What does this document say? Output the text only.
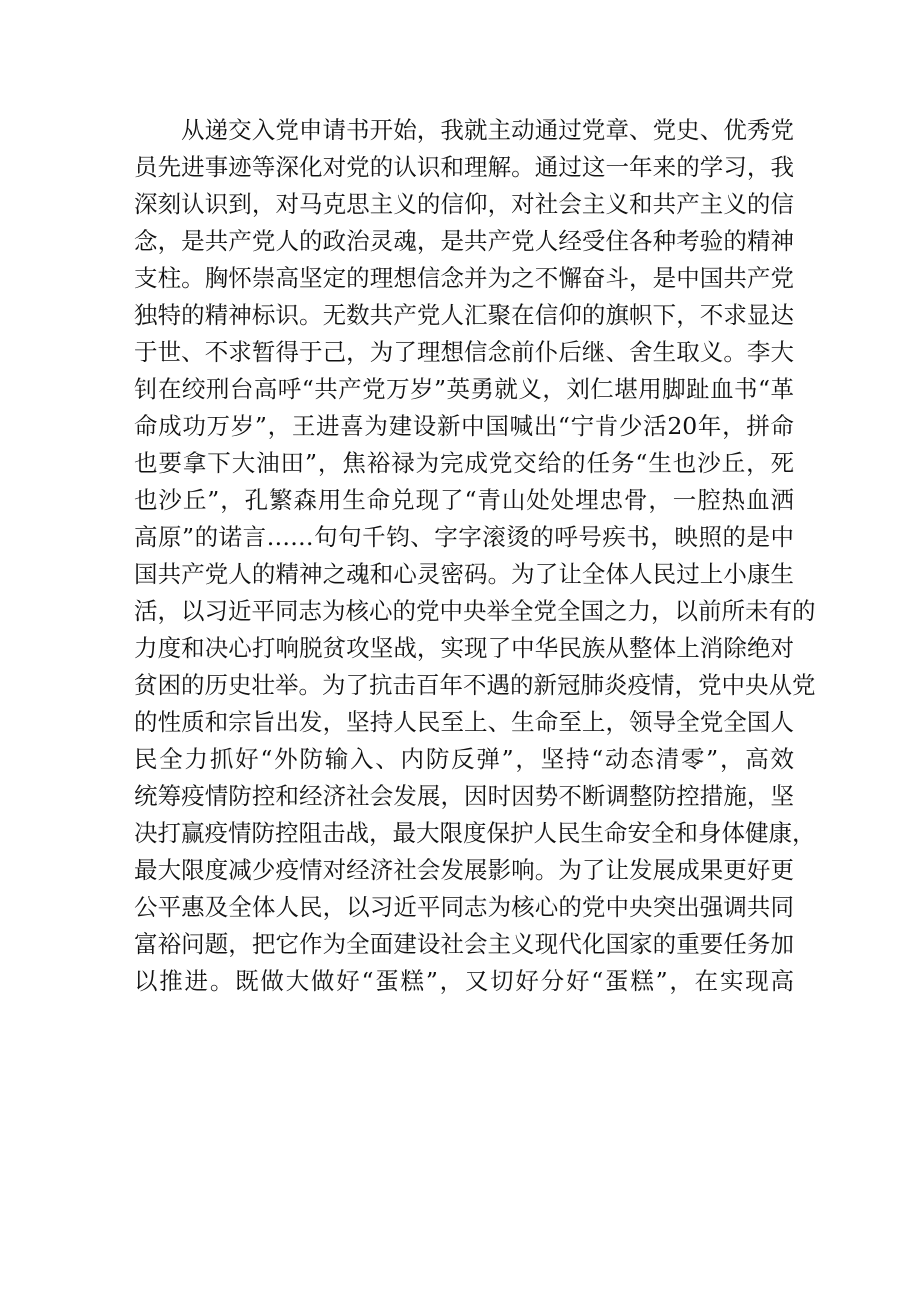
从递交入党申请书开始，我就主动通过党章、党史、优秀党
员先进事迹等深化对党的认识和理解。通过这一年来的学习，我
深刻认识到，对马克思主义的信仰，对社会主义和共产主义的信
念，是共产党人的政治灵魂，是共产党人经受住各种考验的精神
支柱。胸怀崇高坚定的理想信念并为之不懈奋斗，是中国共产党
独特的精神标识。无数共产党人汇聚在信仰的旗帜下，不求显达
于世、不求暂得于己，为了理想信念前仆后继、舍生取义。李大
钊在绞刑台高呼“共产党万岁”英勇就义，刘仁堪用脚趾血书“革
命成功万岁”，王进喜为建设新中国喊出“宁肯少活20年，拼命
也要拿下大油田”，焦裕禄为完成党交给的任务“生也沙丘，死
也沙丘”，孔繁森用生命兑现了“青山处处埋忠骨，一腔热血洒
高原”的诺言……句句千钧、字字滚烫的呼号疾书，映照的是中
国共产党人的精神之魂和心灵密码。为了让全体人民过上小康生
活，以习近平同志为核心的党中央举全党全国之力，以前所未有的
力度和决心打响脱贫攻坚战，实现了中华民族从整体上消除绝对
贫困的历史壮举。为了抗击百年不遇的新冠肺炎疫情，党中央从党
的性质和宗旨出发，坚持人民至上、生命至上，领导全党全国人
民全力抓好“外防输入、内防反弹”，坚持“动态清零”，高效
统筹疫情防控和经济社会发展，因时因势不断调整防控措施，坚
决打赢疫情防控阻击战，最大限度保护人民生命安全和身体健康，
最大限度减少疫情对经济社会发展影响。为了让发展成果更好更
公平惠及全体人民，以习近平同志为核心的党中央突出强调共同
富裕问题，把它作为全面建设社会主义现代化国家的重要任务加
以推进。既做大做好“蛋糕”，又切好分好“蛋糕”，在实现高
